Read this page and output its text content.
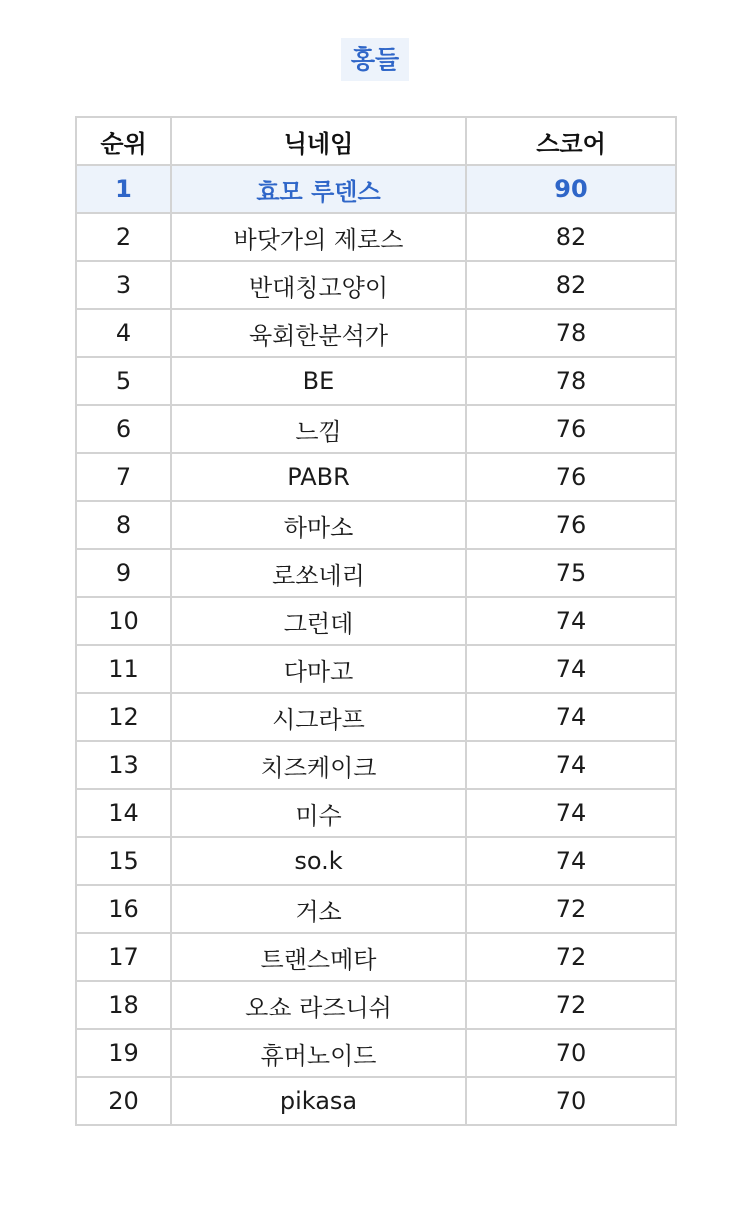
홍들
순위	닉네임	스코어
1	효모 루덴스	90
2	바닷가의 제로스	82
3	반대칭고양이	82
4	육회한분석가	78
5	BE	78
6	느낌	76
7	PABR	76
8	하마소	76
9	로쏘네리	75
10	그런데	74
11	다마고	74
12	시그라프	74
13	치즈케이크	74
14	미수	74
15	so.k	74
16	거소	72
17	트랜스메타	72
18	오쇼 라즈니쉬	72
19	휴머노이드	70
20	pikasa	70
